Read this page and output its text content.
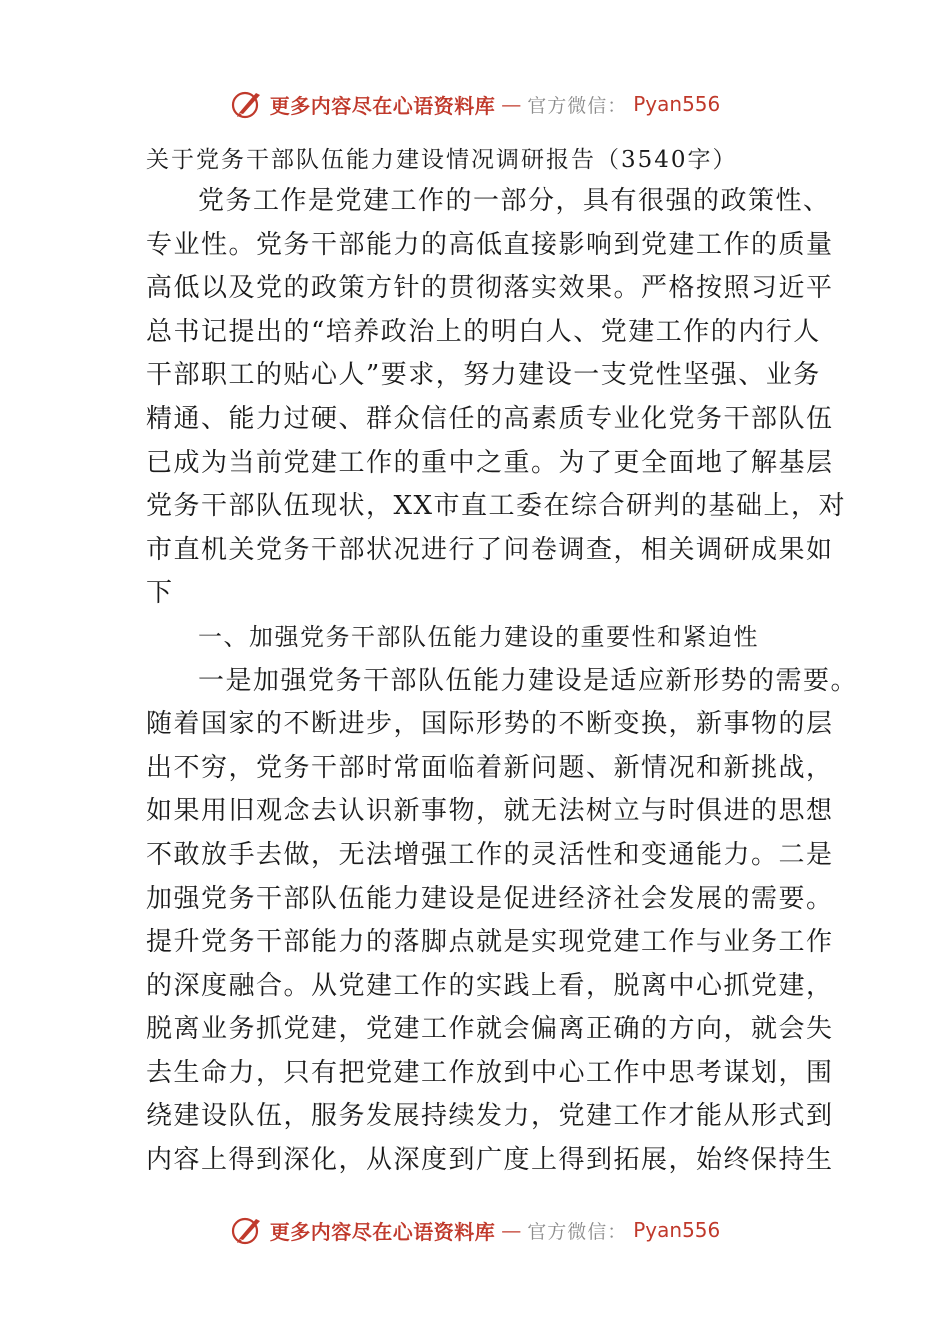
更多内容尽在心语资料库 — 官方微信： Pyan556
关于党务干部队伍能力建设情况调研报告（3540字）
党务工作是党建工作的一部分，具有很强的政策性、
专业性。党务干部能力的高低直接影响到党建工作的质量
高低以及党的政策方针的贯彻落实效果。严格按照习近平
总书记提出的“培养政治上的明白人、党建工作的内行人
干部职工的贴心人”要求，努力建设一支党性坚强、业务
精通、能力过硬、群众信任的高素质专业化党务干部队伍
已成为当前党建工作的重中之重。为了更全面地了解基层
党务干部队伍现状，XX市直工委在综合研判的基础上，对
市直机关党务干部状况进行了问卷调查，相关调研成果如
下
一、加强党务干部队伍能力建设的重要性和紧迫性
一是加强党务干部队伍能力建设是适应新形势的需要。
随着国家的不断进步，国际形势的不断变换，新事物的层
出不穷，党务干部时常面临着新问题、新情况和新挑战，
如果用旧观念去认识新事物，就无法树立与时俱进的思想
不敢放手去做，无法增强工作的灵活性和变通能力。二是
加强党务干部队伍能力建设是促进经济社会发展的需要。
提升党务干部能力的落脚点就是实现党建工作与业务工作
的深度融合。从党建工作的实践上看，脱离中心抓党建，
脱离业务抓党建，党建工作就会偏离正确的方向，就会失
去生命力，只有把党建工作放到中心工作中思考谋划，围
绕建设队伍，服务发展持续发力，党建工作才能从形式到
内容上得到深化，从深度到广度上得到拓展，始终保持生
更多内容尽在心语资料库 — 官方微信： Pyan556
